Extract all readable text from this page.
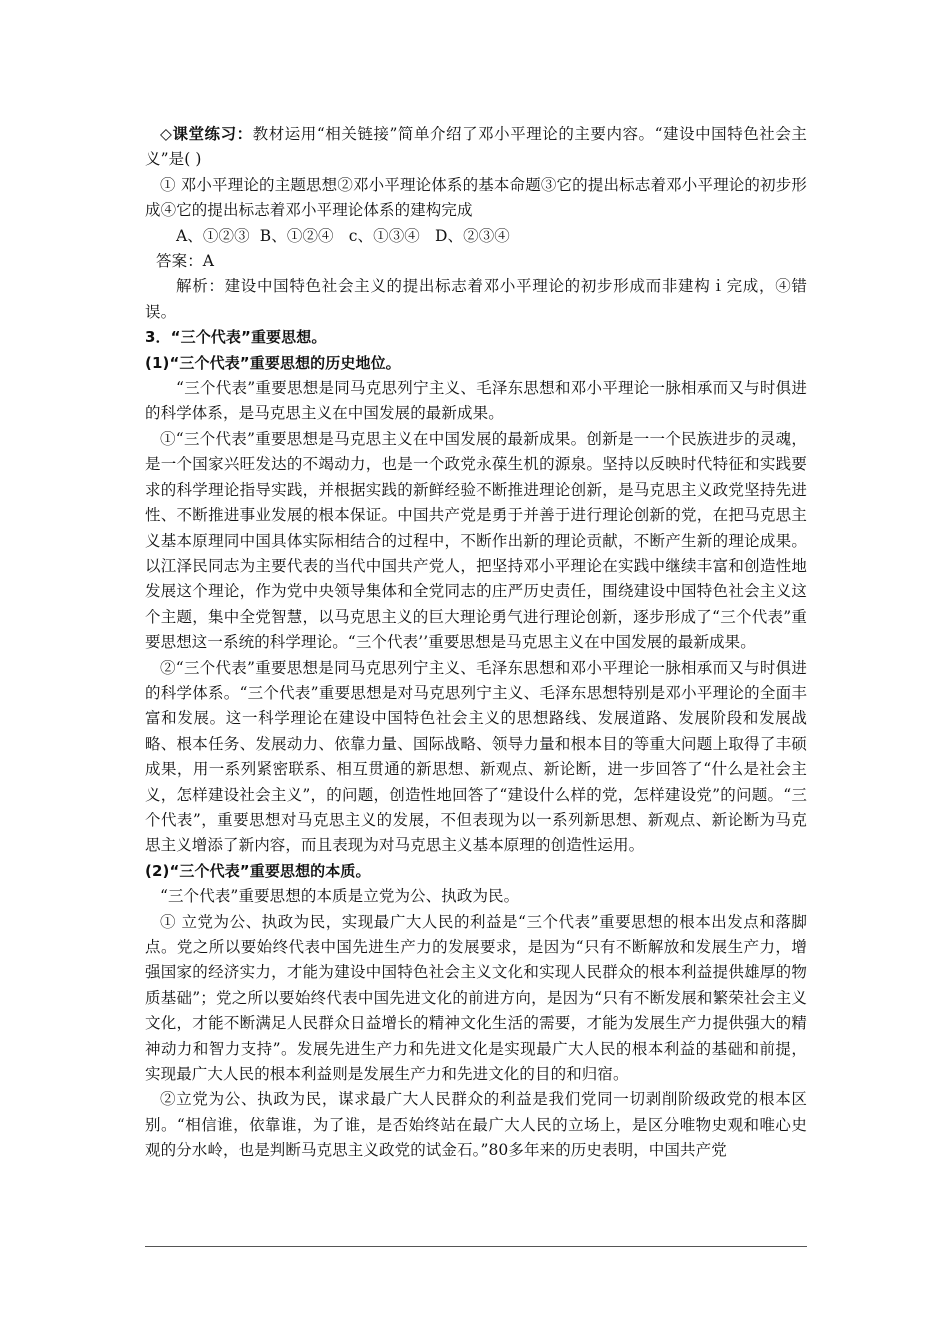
◇课堂练习：教材运用“相关链接”简单介绍了邓小平理论的主要内容。“建设中国特色社会主义”是( )

① 邓小平理论的主题思想②邓小平理论体系的基本命题③它的提出标志着邓小平理论的初步形成④它的提出标志着邓小平理论体系的建构完成

A、①②③  B、①②④   c、①③④   D、②③④

答案：A

解析：建设中国特色社会主义的提出标志着邓小平理论的初步形成而非建构ｉ完成，④错误。

3．“三个代表”重要思想。

(1)“三个代表”重要思想的历史地位。

“三个代表”重要思想是同马克思列宁主义、毛泽东思想和邓小平理论一脉相承而又与时俱进的科学体系，是马克思主义在中国发展的最新成果。

①“三个代表”重要思想是马克思主义在中国发展的最新成果。创新是一一个民族进步的灵魂，是一个国家兴旺发达的不竭动力，也是一个政党永葆生机的源泉。坚持以反映时代特征和实践要求的科学理论指导实践，并根据实践的新鲜经验不断推进理论创新，是马克思主义政党坚持先进性、不断推进事业发展的根本保证。中国共产党是勇于并善于进行理论创新的党，在把马克思主义基本原理同中国具体实际相结合的过程中，不断作出新的理论贡献，不断产生新的理论成果。以江泽民同志为主要代表的当代中国共产党人，把坚持邓小平理论在实践中继续丰富和创造性地发展这个理论，作为党中央领导集体和全党同志的庄严历史责任，围绕建设中国特色社会主义这个主题，集中全党智慧，以马克思主义的巨大理论勇气进行理论创新，逐步形成了“三个代表”重要思想这一系统的科学理论。“三个代表’’重要思想是马克思主义在中国发展的最新成果。

②“三个代表”重要思想是同马克思列宁主义、毛泽东思想和邓小平理论一脉相承而又与时俱进的科学体系。“三个代表”重要思想是对马克思列宁主义、毛泽东思想特别是邓小平理论的全面丰富和发展。这一科学理论在建设中国特色社会主义的思想路线、发展道路、发展阶段和发展战略、根本任务、发展动力、依靠力量、国际战略、领导力量和根本目的等重大问题上取得了丰硕成果，用一系列紧密联系、相互贯通的新思想、新观点、新论断，进一步回答了“什么是社会主义，怎样建设社会主义”，的问题，创造性地回答了“建设什么样的党，怎样建设党”的问题。“三个代表”，重要思想对马克思主义的发展，不但表现为以一系列新思想、新观点、新论断为马克思主义增添了新内容，而且表现为对马克思主义基本原理的创造性运用。

(2)“三个代表”重要思想的本质。

“三个代表”重要思想的本质是立党为公、执政为民。

① 立党为公、执政为民，实现最广大人民的利益是“三个代表”重要思想的根本出发点和落脚点。党之所以要始终代表中国先进生产力的发展要求，是因为“只有不断解放和发展生产力，增强国家的经济实力，才能为建设中国特色社会主义文化和实现人民群众的根本利益提供雄厚的物质基础”；党之所以要始终代表中国先进文化的前进方向，是因为“只有不断发展和繁荣社会主义文化，才能不断满足人民群众日益增长的精神文化生活的需要，才能为发展生产力提供强大的精神动力和智力支持”。发展先进生产力和先进文化是实现最广大人民的根本利益的基础和前提，实现最广大人民的根本利益则是发展生产力和先进文化的目的和归宿。

②立党为公、执政为民，谋求最广大人民群众的利益是我们党同一切剥削阶级政党的根本区别。“相信谁，依靠谁，为了谁，是否始终站在最广大人民的立场上，是区分唯物史观和唯心史观的分水岭，也是判断马克思主义政党的试金石。”80多年来的历史表明，中国共产党
